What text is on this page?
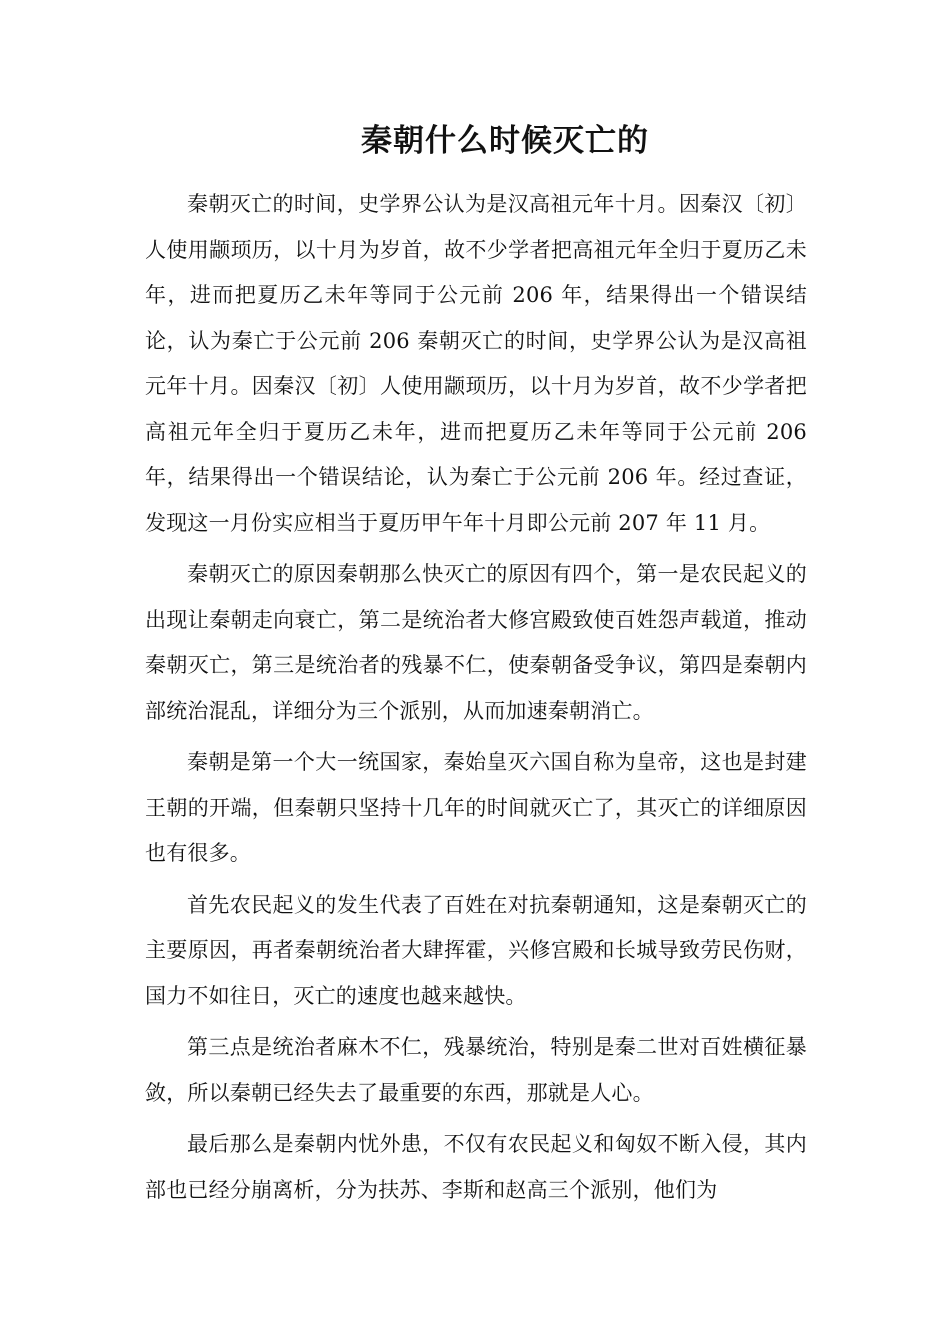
秦朝什么时候灭亡的

秦朝灭亡的时间，史学界公认为是汉高祖元年十月。因秦汉〔初〕人使用颛顼历，以十月为岁首，故不少学者把高祖元年全归于夏历乙未年，进而把夏历乙未年等同于公元前 206 年，结果得出一个错误结论，认为秦亡于公元前 206 秦朝灭亡的时间，史学界公认为是汉高祖元年十月。因秦汉〔初〕人使用颛顼历，以十月为岁首，故不少学者把高祖元年全归于夏历乙未年，进而把夏历乙未年等同于公元前 206 年，结果得出一个错误结论，认为秦亡于公元前 206 年。经过查证，发现这一月份实应相当于夏历甲午年十月即公元前 207 年 11 月。

秦朝灭亡的原因秦朝那么快灭亡的原因有四个，第一是农民起义的出现让秦朝走向衰亡，第二是统治者大修宫殿致使百姓怨声载道，推动秦朝灭亡，第三是统治者的残暴不仁，使秦朝备受争议，第四是秦朝内部统治混乱，详细分为三个派别，从而加速秦朝消亡。

秦朝是第一个大一统国家，秦始皇灭六国自称为皇帝，这也是封建王朝的开端，但秦朝只坚持十几年的时间就灭亡了，其灭亡的详细原因也有很多。

首先农民起义的发生代表了百姓在对抗秦朝通知，这是秦朝灭亡的主要原因，再者秦朝统治者大肆挥霍，兴修宫殿和长城导致劳民伤财，国力不如往日，灭亡的速度也越来越快。

第三点是统治者麻木不仁，残暴统治，特别是秦二世对百姓横征暴敛，所以秦朝已经失去了最重要的东西，那就是人心。

最后那么是秦朝内忧外患，不仅有农民起义和匈奴不断入侵，其内部也已经分崩离析，分为扶苏、李斯和赵高三个派别，他们为
